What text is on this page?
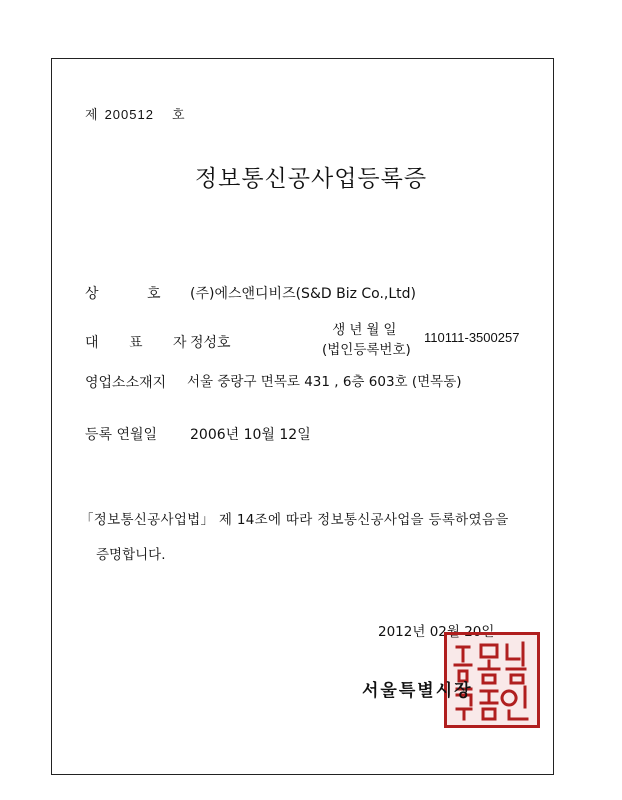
제 200512 호
정보통신공사업등록증
상 호 (주)에스앤디비즈(S&D Biz Co.,Ltd)
대 표 자
정성호
생년월일
(법인등록번호)
110111-3500257
영업소소재지 서울 중랑구 면목로 431 , 6층 603호 (면목동)
등록 연월일 2006년 10월 12일
「정보통신공사업법」 제 14조에 따라 정보통신공사업을 등록하였음을
증명합니다.
2012년 02월 20일
서울특별시장
